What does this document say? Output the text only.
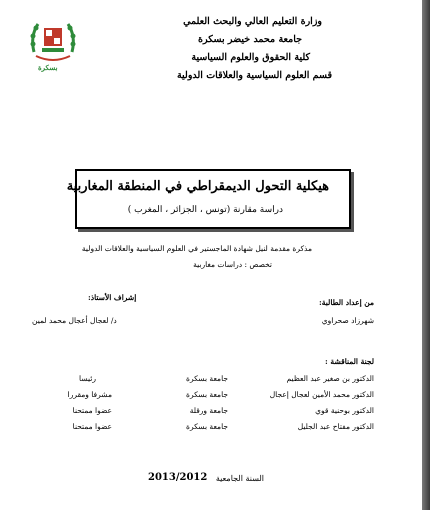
وزارة التعليم العالي والبحث العلمي
جامعة محمد خيضر بسكرة
كلية الحقوق والعلوم السياسية
قسم العلوم السياسية والعلاقات الدولية
بسكرة
هيكلية التحول الديمقراطي في المنطقة المغاربية
دراسة مقارنة (تونس ، الجزائر ، المغرب )
مذكرة مقدمة لنيل شهادة الماجستير في العلوم السياسية والعلاقات الدولية
تخصص : دراسات مغاربية
من إعداد الطالبة:
شهرزاد صحراوي
إشراف الأستاذ:
د/ لعجال أعجال محمد لمين
لجنة المناقشة :
الدكتور بن صغير عبد العظيم
جامعة بسكرة
رئيسا
الدكتور محمد الأمين لعجال إعجال
جامعة بسكرة
مشرفا ومقررا
الدكتور بوحنية قوي
جامعة ورقلة
عضوا ممتحنا
الدكتور مفتاح عبد الجليل
جامعة بسكرة
عضوا ممتحنا
السنة الجامعية
2013/2012
